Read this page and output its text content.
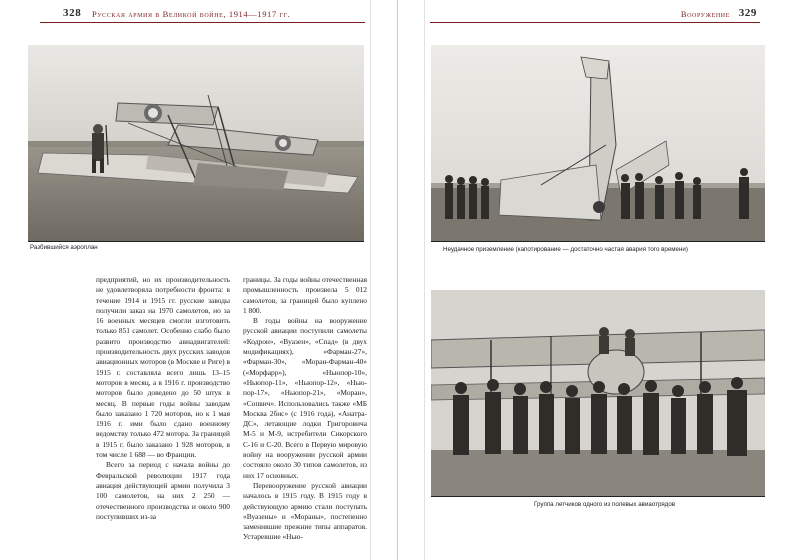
328	Русская армия в Великой войне, 1914—1917 гг.	Вооружение 329
Разбившийся аэроплан

предприятий, но их производительность не удовлетворяла потребности фронта: в течение 1914 и 1915 гг. русские заводы получили заказ на 1970 самолетов, но за 16 военных месяцев смогли изготовить только 851 самолет. Особенно слабо было развито производство авиадвигателей: производительность двух русских заводов авиационных моторов (в Москве и Риге) в 1915 г. составляла всего лишь 13–15 моторов в месяц, а в 1916 г. производство моторов было доведено до 50 штук в месяц. В первые годы войны заводам было заказано 1 720 моторов, но к 1 мая 1916 г. ими было сдано военному ведомству только 472 мотора. За границей в 1915 г. было заказано 1 928 моторов, в том числе 1 688 — во Франции.

Всего за период с начала войны до Февральской революции 1917 года авиация действующей армии получила 3 100 самолетов, на них 2 250 — отечественного производства и около 900 поступивших из-за

границы. За годы войны отечественная промышленность произвела 5 012 самолетов, за границей было куплено 1 800.

В годы войны на вооружение русской авиации поступили самолеты «Кодрон», «Вуазен», «Спад» (в двух модификациях), «Фарман-27», «Фарман-30», «Моран-Фарман-40» («Морфарр»), «Ньюпор-10», «Ньюпор-11», «Ньюпор-12», «Ньюпор-17», «Ньюпор-21», «Моран», «Сопвич». Использовались также «МБ Москва 2бис» (с 1916 года), «Анатра-ДС», летающие лодки Григоровича М-5 и М-9, истребители Сикорского С-16 и С-20. Всего в Первую мировую войну на вооружении русской армии состояло около 30 типов самолетов, из них 17 основных.

Перевооружение русской авиации началось в 1915 году. В 1915 году в действующую армию стали поступать «Вуазены» и «Мораны», постепенно заменившие прежние типы аппаратов. Устаревшие «Нью-

Неудачное приземление (капотирование — достаточно частая авария того времени)
Группа летчиков одного из полевых авиаотрядов
